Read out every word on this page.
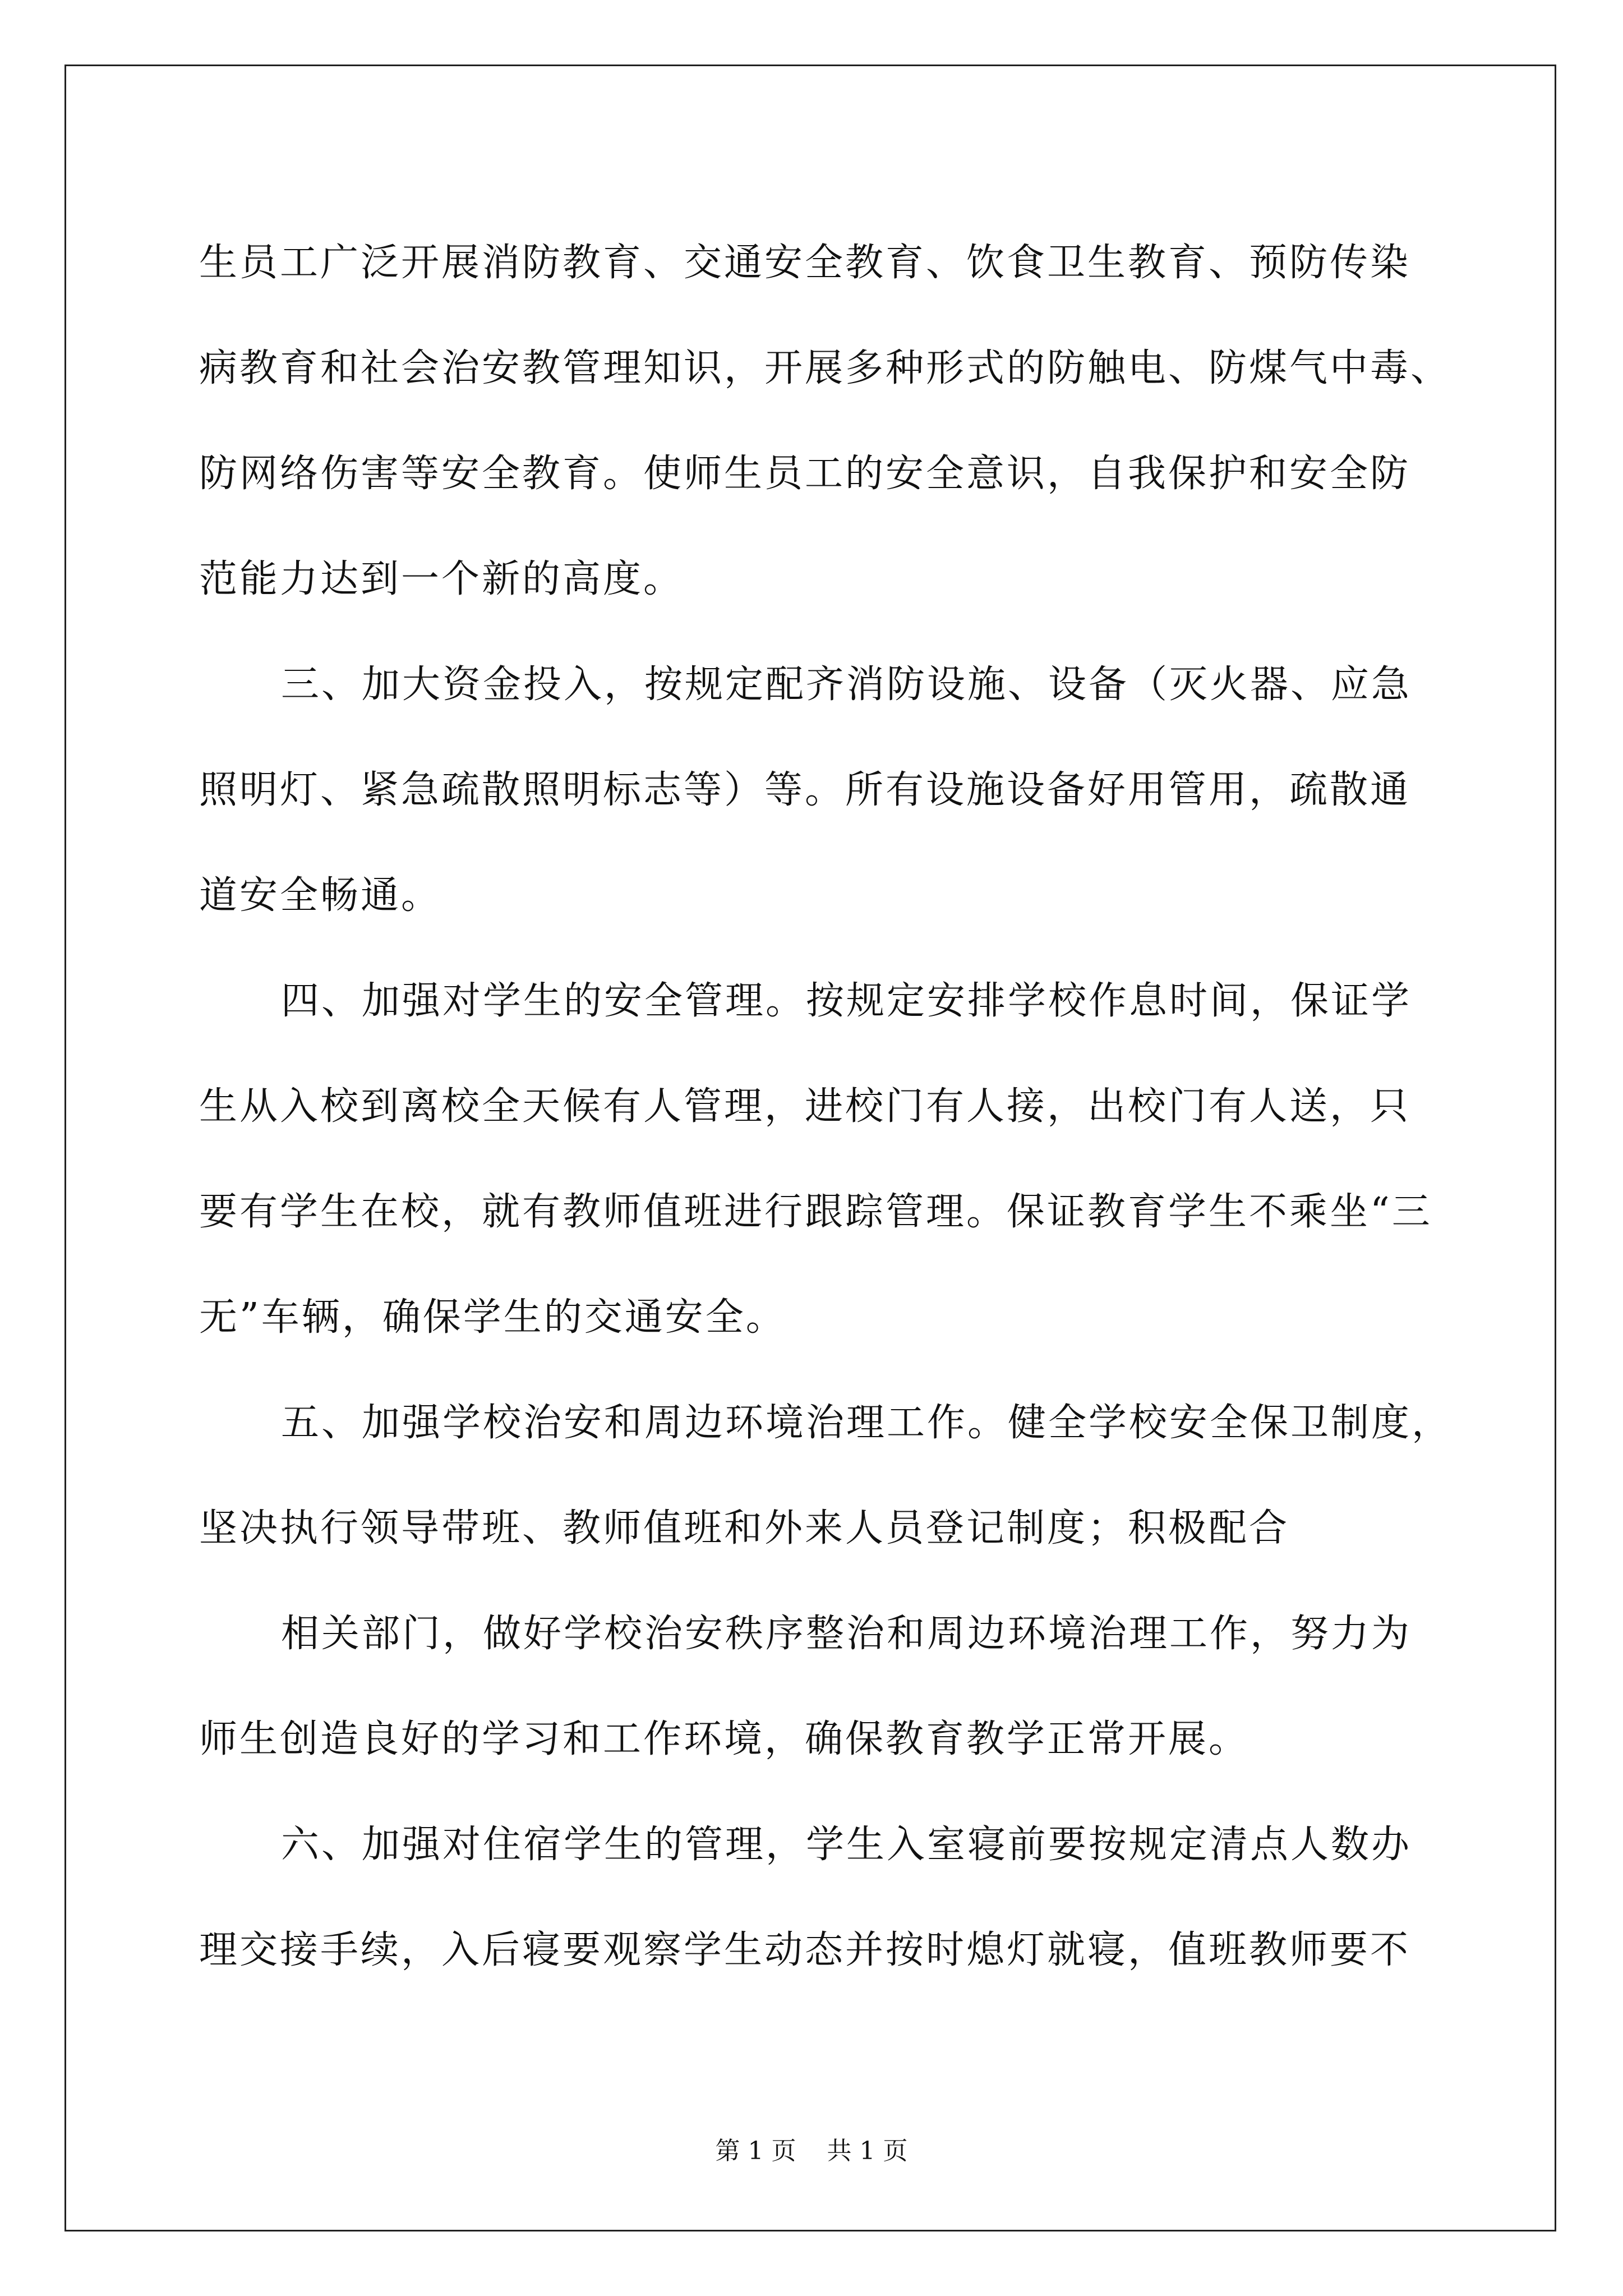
生员工广泛开展消防教育、交通安全教育、饮食卫生教育、预防传染
病教育和社会治安教管理知识，开展多种形式的防触电、防煤气中毒、
防网络伤害等安全教育。使师生员工的安全意识，自我保护和安全防
范能力达到一个新的高度。
三、加大资金投入，按规定配齐消防设施、设备（灭火器、应急
照明灯、紧急疏散照明标志等）等。所有设施设备好用管用，疏散通
道安全畅通。
四、加强对学生的安全管理。按规定安排学校作息时间，保证学
生从入校到离校全天候有人管理，进校门有人接，出校门有人送，只
要有学生在校，就有教师值班进行跟踪管理。保证教育学生不乘坐“三
无”车辆，确保学生的交通安全。
五、加强学校治安和周边环境治理工作。健全学校安全保卫制度，
坚决执行领导带班、教师值班和外来人员登记制度；积极配合
相关部门，做好学校治安秩序整治和周边环境治理工作，努力为
师生创造良好的学习和工作环境，确保教育教学正常开展。
六、加强对住宿学生的管理，学生入室寝前要按规定清点人数办
理交接手续，入后寝要观察学生动态并按时熄灯就寝，值班教师要不
第 1 页 共 1 页
